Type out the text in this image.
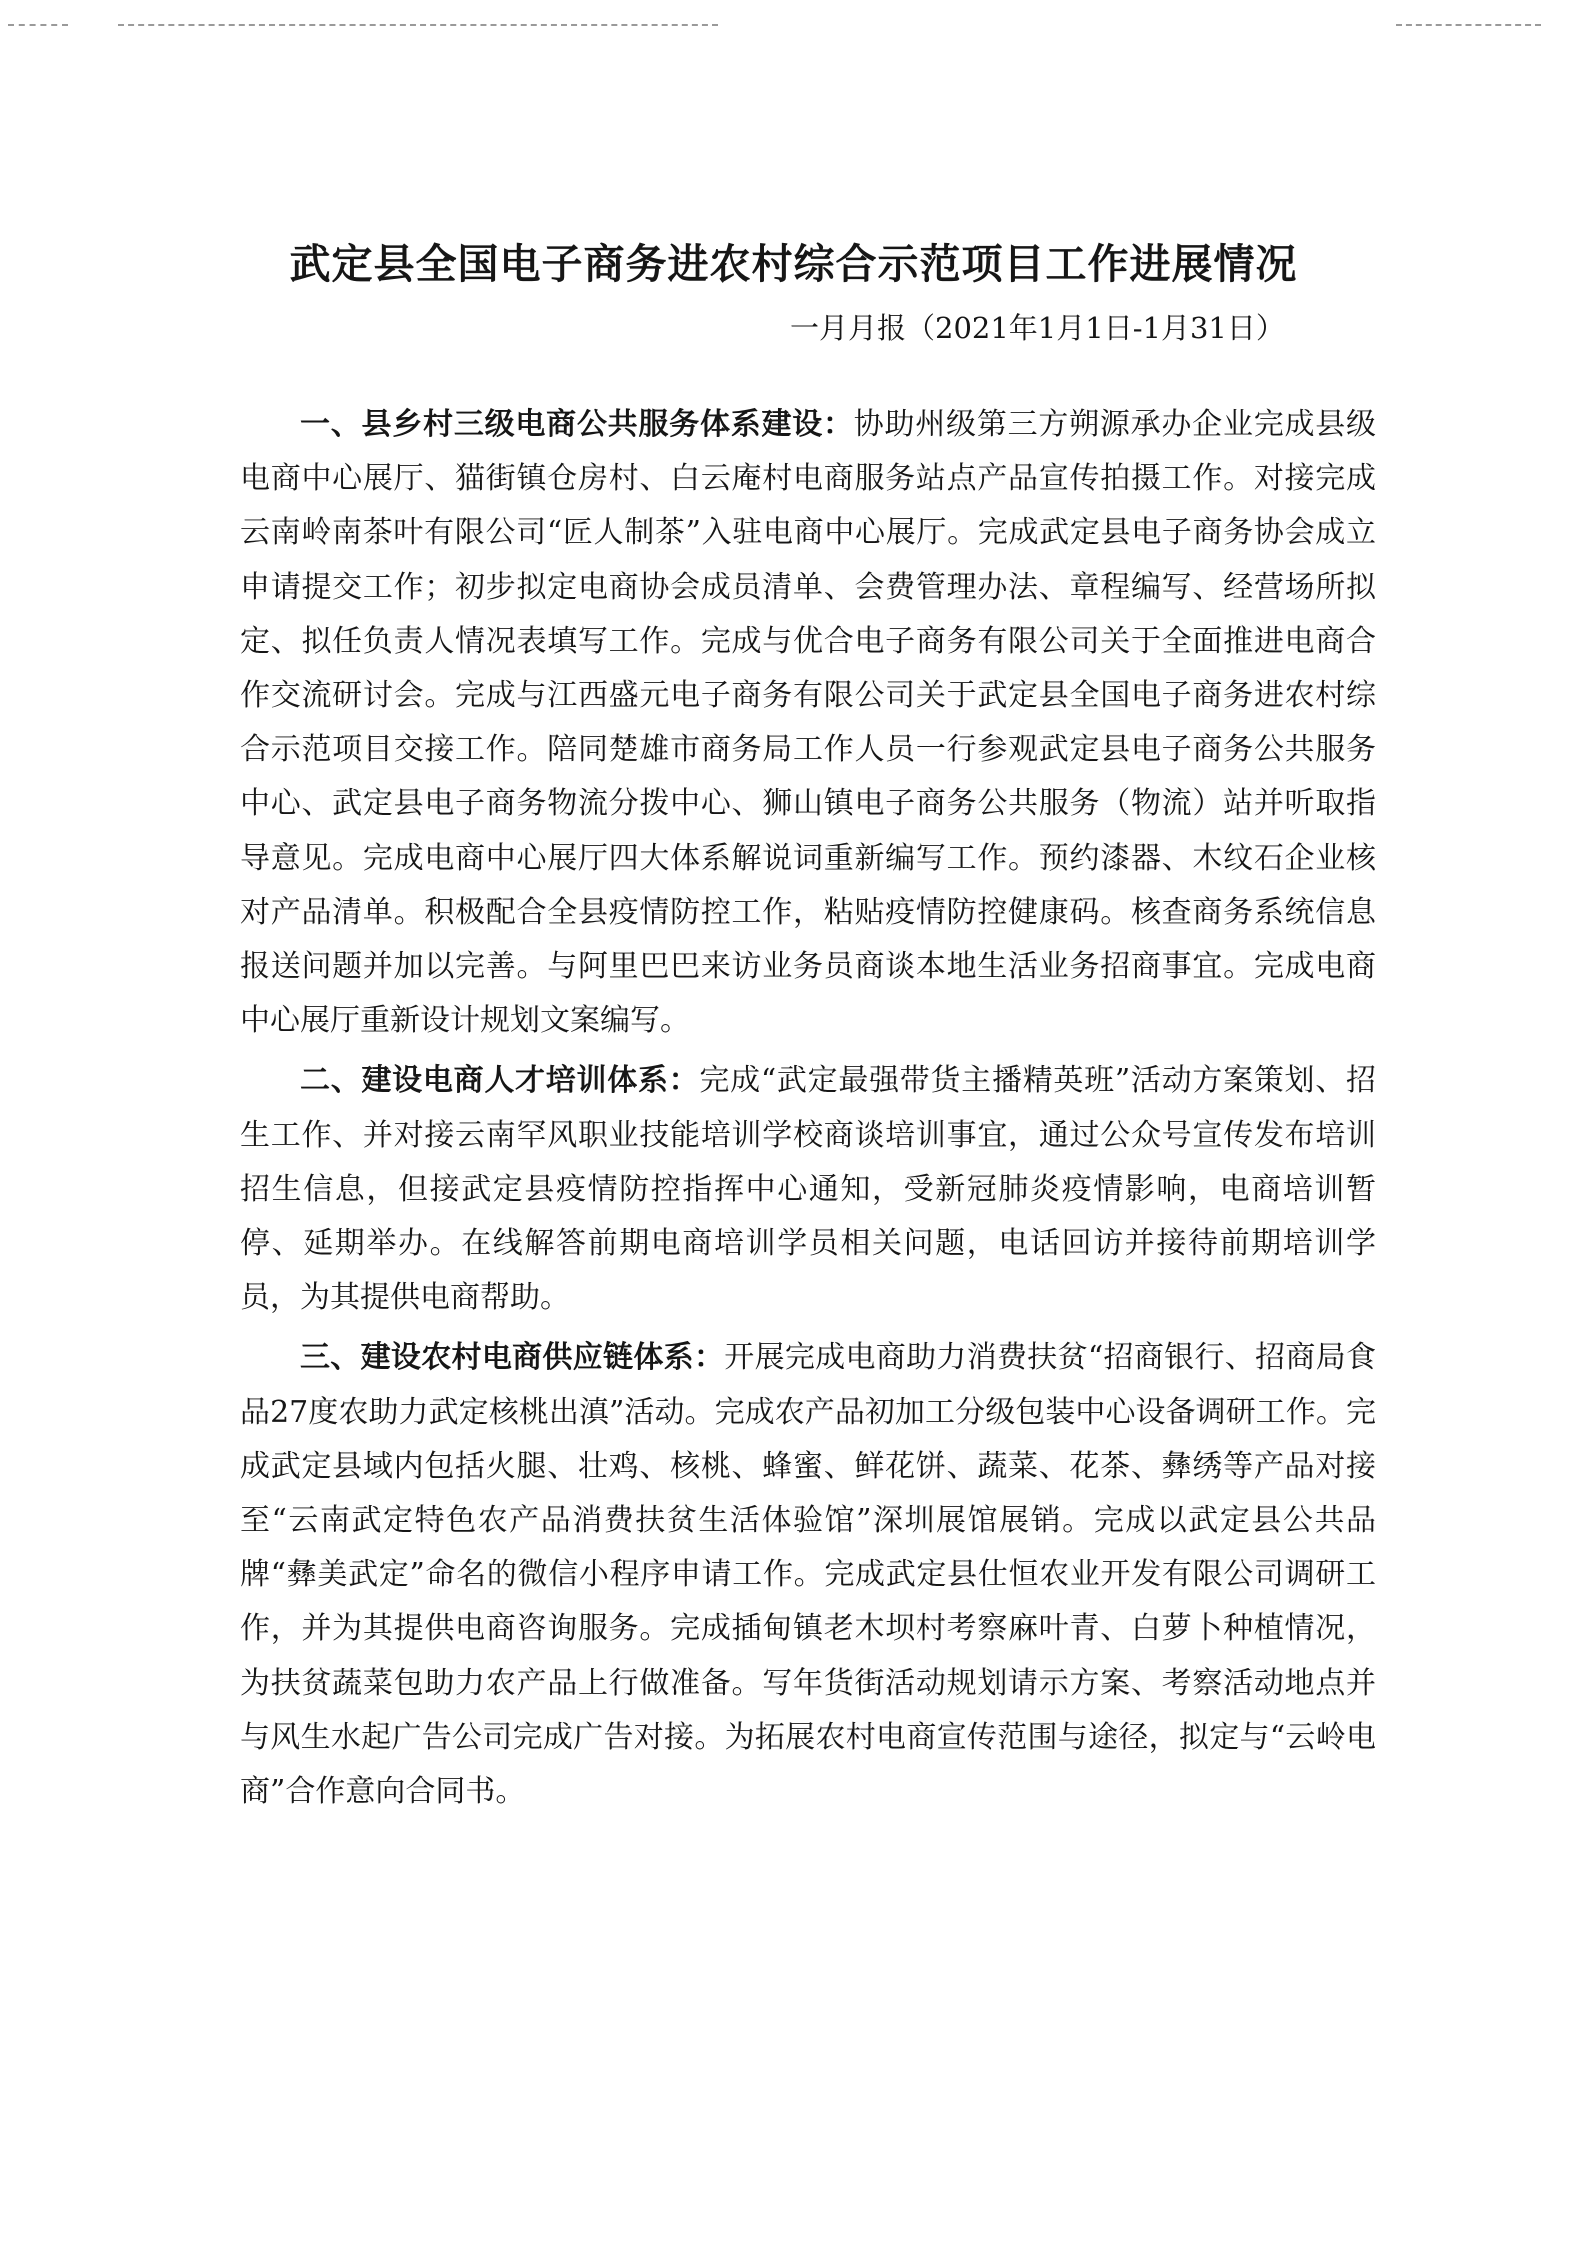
武定县全国电子商务进农村综合示范项目工作进展情况

一月月报（2021年1月1日-1月31日）

一、县乡村三级电商公共服务体系建设：协助州级第三方朔源承办企业完成县级电商中心展厅、猫街镇仓房村、白云庵村电商服务站点产品宣传拍摄工作。对接完成云南岭南茶叶有限公司“匠人制茶”入驻电商中心展厅。完成武定县电子商务协会成立申请提交工作；初步拟定电商协会成员清单、会费管理办法、章程编写、经营场所拟定、拟任负责人情况表填写工作。完成与优合电子商务有限公司关于全面推进电商合作交流研讨会。完成与江西盛元电子商务有限公司关于武定县全国电子商务进农村综合示范项目交接工作。陪同楚雄市商务局工作人员一行参观武定县电子商务公共服务中心、武定县电子商务物流分拨中心、狮山镇电子商务公共服务（物流）站并听取指导意见。完成电商中心展厅四大体系解说词重新编写工作。预约漆器、木纹石企业核对产品清单。积极配合全县疫情防控工作，粘贴疫情防控健康码。核查商务系统信息报送问题并加以完善。与阿里巴巴来访业务员商谈本地生活业务招商事宜。完成电商中心展厅重新设计规划文案编写。

二、建设电商人才培训体系：完成“武定最强带货主播精英班”活动方案策划、招生工作、并对接云南罕风职业技能培训学校商谈培训事宜，通过公众号宣传发布培训招生信息，但接武定县疫情防控指挥中心通知，受新冠肺炎疫情影响，电商培训暂停、延期举办。在线解答前期电商培训学员相关问题，电话回访并接待前期培训学员，为其提供电商帮助。

三、建设农村电商供应链体系：开展完成电商助力消费扶贫“招商银行、招商局食品27度农助力武定核桃出滇”活动。完成农产品初加工分级包装中心设备调研工作。完成武定县域内包括火腿、壮鸡、核桃、蜂蜜、鲜花饼、蔬菜、花茶、彝绣等产品对接至“云南武定特色农产品消费扶贫生活体验馆”深圳展馆展销。完成以武定县公共品牌“彝美武定”命名的微信小程序申请工作。完成武定县仕恒农业开发有限公司调研工作，并为其提供电商咨询服务。完成插甸镇老木坝村考察麻叶青、白萝卜种植情况，为扶贫蔬菜包助力农产品上行做准备。写年货街活动规划请示方案、考察活动地点并与风生水起广告公司完成广告对接。为拓展农村电商宣传范围与途径，拟定与“云岭电商”合作意向合同书。
